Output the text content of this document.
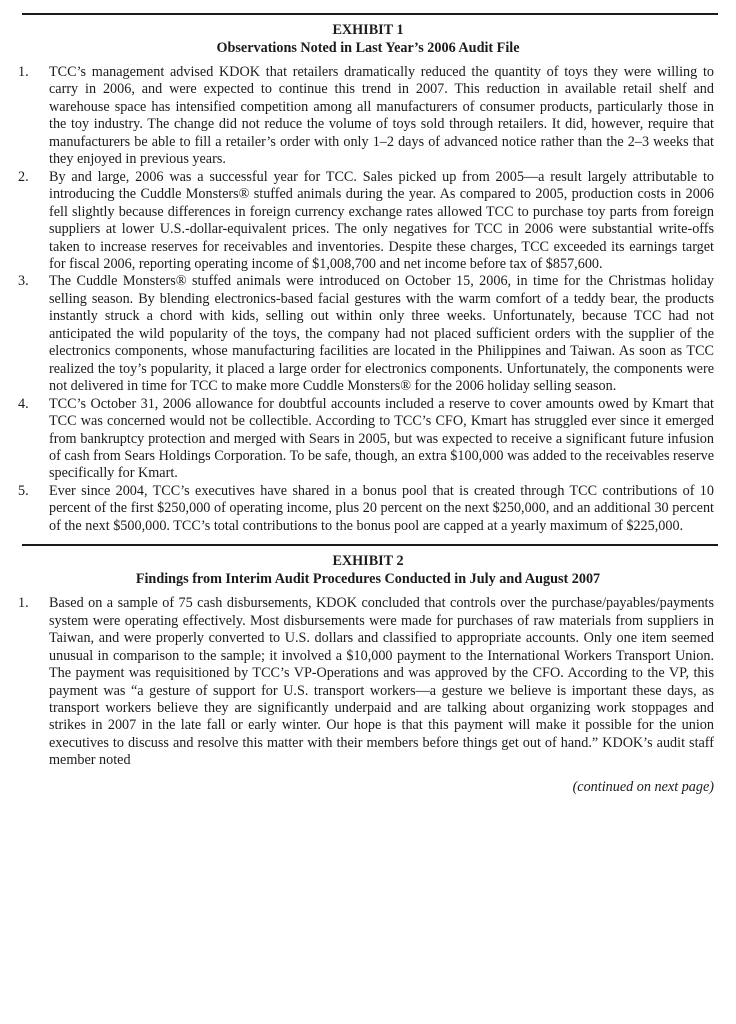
EXHIBIT 1
Observations Noted in Last Year’s 2006 Audit File
1. TCC’s management advised KDOK that retailers dramatically reduced the quantity of toys they were willing to carry in 2006, and were expected to continue this trend in 2007. This reduction in available retail shelf and warehouse space has intensified competition among all manufacturers of consumer products, particularly those in the toy industry. The change did not reduce the volume of toys sold through retailers. It did, however, require that manufacturers be able to fill a retailer’s order with only 1–2 days of advanced notice rather than the 2–3 weeks that they enjoyed in previous years.
2. By and large, 2006 was a successful year for TCC. Sales picked up from 2005—a result largely attributable to introducing the Cuddle Monsters® stuffed animals during the year. As compared to 2005, production costs in 2006 fell slightly because differences in foreign currency exchange rates allowed TCC to purchase toy parts from foreign suppliers at lower U.S.-dollar-equivalent prices. The only negatives for TCC in 2006 were substantial write-offs taken to increase reserves for receivables and inventories. Despite these charges, TCC exceeded its earnings target for fiscal 2006, reporting operating income of $1,008,700 and net income before tax of $857,600.
3. The Cuddle Monsters® stuffed animals were introduced on October 15, 2006, in time for the Christmas holiday selling season. By blending electronics-based facial gestures with the warm comfort of a teddy bear, the products instantly struck a chord with kids, selling out within only three weeks. Unfortunately, because TCC had not anticipated the wild popularity of the toys, the company had not placed sufficient orders with the supplier of the electronics components, whose manufacturing facilities are located in the Philippines and Taiwan. As soon as TCC realized the toy’s popularity, it placed a large order for electronics components. Unfortunately, the components were not delivered in time for TCC to make more Cuddle Monsters® for the 2006 holiday selling season.
4. TCC’s October 31, 2006 allowance for doubtful accounts included a reserve to cover amounts owed by Kmart that TCC was concerned would not be collectible. According to TCC’s CFO, Kmart has struggled ever since it emerged from bankruptcy protection and merged with Sears in 2005, but was expected to receive a significant future infusion of cash from Sears Holdings Corporation. To be safe, though, an extra $100,000 was added to the receivables reserve specifically for Kmart.
5. Ever since 2004, TCC’s executives have shared in a bonus pool that is created through TCC contributions of 10 percent of the first $250,000 of operating income, plus 20 percent on the next $250,000, and an additional 30 percent of the next $500,000. TCC’s total contributions to the bonus pool are capped at a yearly maximum of $225,000.
EXHIBIT 2
Findings from Interim Audit Procedures Conducted in July and August 2007
1. Based on a sample of 75 cash disbursements, KDOK concluded that controls over the purchase/payables/payments system were operating effectively. Most disbursements were made for purchases of raw materials from suppliers in Taiwan, and were properly converted to U.S. dollars and classified to appropriate accounts. Only one item seemed unusual in comparison to the sample; it involved a $10,000 payment to the International Workers Transport Union. The payment was requisitioned by TCC’s VP-Operations and was approved by the CFO. According to the VP, this payment was “a gesture of support for U.S. transport workers—a gesture we believe is important these days, as transport workers believe they are significantly underpaid and are talking about organizing work stoppages and strikes in 2007 in the late fall or early winter. Our hope is that this payment will make it possible for the union executives to discuss and resolve this matter with their members before things get out of hand.” KDOK’s audit staff member noted
(continued on next page)
